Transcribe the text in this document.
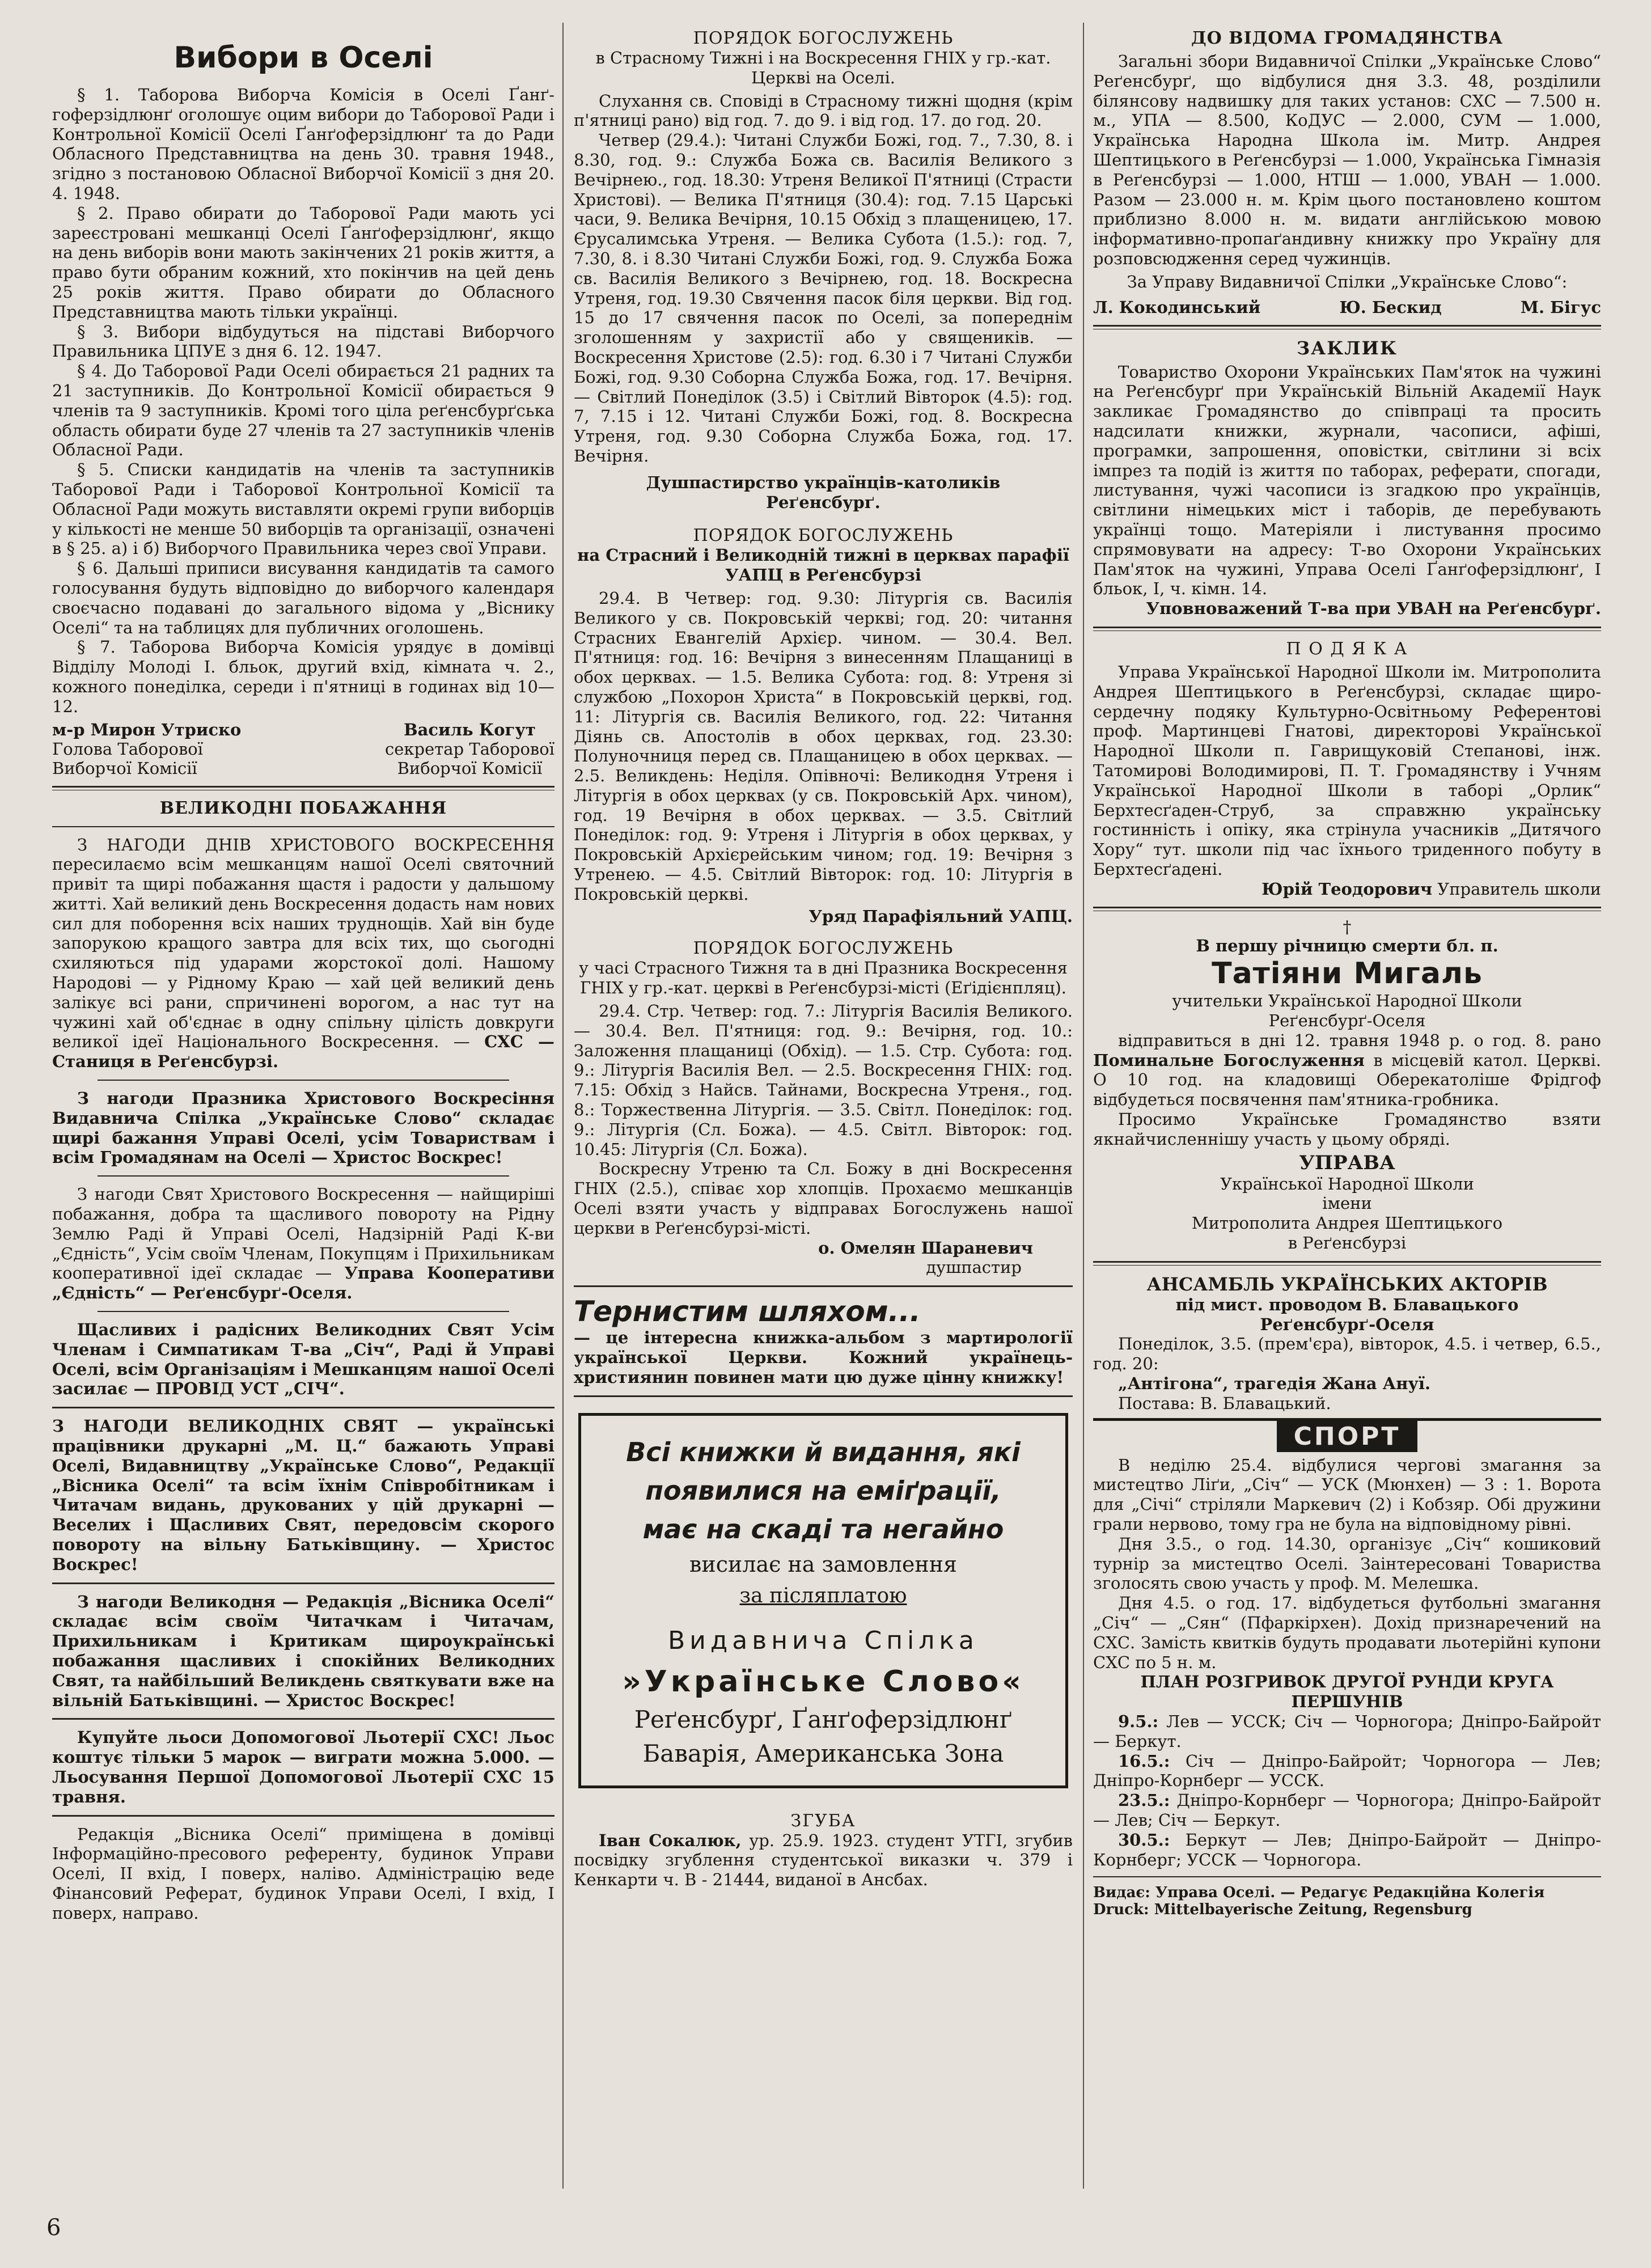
Вибори в Оселі
§ 1. Таборова Виборча Комісія в Оселі Ґанґ-гоферзідлюнґ оголошує оцим вибори до Таборової Ради і Контрольної Комісії Оселі Ґанґоферзідлюнґ та до Ради Обласного Представництва на день 30. травня 1948., згідно з постановою Обласної Виборчої Комісії з дня 20. 4. 1948.
§ 2. Право обирати до Таборової Ради мають усі зареєстровані мешканці Оселі Ґанґоферзідлюнґ, якщо на день виборів вони мають закінчених 21 років життя, а право бути обраним кожний, хто покінчив на цей день 25 років життя. Право обирати до Обласного Представництва мають тільки українці.
§ 3. Вибори відбудуться на підставі Виборчого Правильника ЦПУЕ з дня 6. 12. 1947.
§ 4. До Таборової Ради Оселі обирається 21 радних та 21 заступників. До Контрольної Комісії обирається 9 членів та 9 заступників. Кромі того ціла реґенсбурґська область обирати буде 27 членів та 27 заступників членів Обласної Ради.
§ 5. Списки кандидатів на членів та заступників Таборової Ради і Таборової Контрольної Комісії та Обласної Ради можуть виставляти окремі групи виборців у кількості не менше 50 виборців та організації, означені в § 25. а) і б) Виборчого Правильника через свої Управи.
§ 6. Дальші приписи висування кандидатів та самого голосування будуть відповідно до виборчого календаря своєчасно подавані до загального відома у „Віснику Оселі“ та на таблицях для публичних оголошень.
§ 7. Таборова Виборча Комісія урядує в домівці Відділу Молоді I. бльок, другий вхід, кімната ч. 2., кожного понеділка, середи і п'ятниці в годинах від 10—12.
м-р Мирон Утриско
Голова Таборової
Виборчої Комісії
Василь Когут
секретар Таборової
Виборчої Комісії
ВЕЛИКОДНІ ПОБАЖАННЯ
З НАГОДИ ДНІВ ХРИСТОВОГО ВОСКРЕСЕННЯ пересилаємо всім мешканцям нашої Оселі святочний привіт та щирі побажання щастя і радости у дальшому житті. Хай великий день Воскресення додасть нам нових сил для поборення всіх наших труднощів. Хай він буде запорукою кращого завтра для всіх тих, що сьогодні схиляються під ударами жорстокої долі. Нашому Народові — у Рідному Краю — хай цей великий день залікує всі рани, спричинені ворогом, а нас тут на чужині хай об'єднає в одну спільну цілість довкруги великої ідеї Національного Воскресення. — СХС — Станиця в Реґенсбурзі.
З нагоди Празника Христового Воскресіння Видавнича Спілка „Українське Слово“ складає щирі бажання Управі Оселі, усім Товариствам і всім Громадянам на Оселі — Христос Воскрес!
З нагоди Свят Христового Воскресення — найщиріші побажання, добра та щасливого повороту на Рідну Землю Раді й Управі Оселі, Надзірній Раді К-ви „Єдність“, Усім своїм Членам, Покупцям і Прихильникам кооперативної ідеї складає — Управа Кооперативи „Єдність“ — Реґенсбурґ-Оселя.
Щасливих і радісних Великодних Свят Усім Членам і Симпатикам Т-ва „Січ“, Раді й Управі Оселі, всім Організаціям і Мешканцям нашої Оселі засилає — ПРОВІД УСТ „СІЧ“.
З НАГОДИ ВЕЛИКОДНІХ СВЯТ — українські працівники друкарні „М. Ц.“ бажають Управі Оселі, Видавництву „Українське Слово“, Редакції „Вісника Оселі“ та всім їхнім Співробітникам і Читачам видань, друкованих у цій друкарні — Веселих і Щасливих Свят, передовсім скорого повороту на вільну Батьківщину. — Христос Воскрес!
З нагоди Великодня — Редакція „Вісника Оселі“ складає всім своїм Читачкам і Читачам, Прихильникам і Критикам щироукраїнські побажання щасливих і спокійних Великодних Свят, та найбільший Великдень святкувати вже на вільній Батьківщині. — Христос Воскрес!
Купуйте льоси Допомогової Льотерії СХС! Льос коштує тільки 5 марок — виграти можна 5.000. — Льосування Першої Допомогової Льотерії СХС 15 травня.
Редакція „Вісника Оселі“ приміщена в домівці Інформаційно-пресового референту, будинок Управи Оселі, II вхід, I поверх, наліво. Адміністрацію веде Фінансовий Реферат, будинок Управи Оселі, I вхід, I поверх, направо.
ПОРЯДОК БОГОСЛУЖЕНЬ
в Страсному Тижні і на Воскресення ГНІХ у гр.-кат. Церкві на Оселі.
Слухання св. Сповіді в Страсному тижні щодня (крім п'ятниці рано) від год. 7. до 9. і від год. 17. до год. 20.
Четвер (29.4.): Читані Служби Божі, год. 7., 7.30, 8. і 8.30, год. 9.: Служба Божа св. Василія Великого з Вечірнею., год. 18.30: Утреня Великої П'ятниці (Страсти Христові). — Велика П'ятниця (30.4): год. 7.15 Царські часи, 9. Велика Вечірня, 10.15 Обхід з плащеницею, 17. Єрусалимська Утреня. — Велика Субота (1.5.): год. 7, 7.30, 8. і 8.30 Читані Служби Божі, год. 9. Служба Божа св. Василія Великого з Вечірнею, год. 18. Воскресна Утреня, год. 19.30 Свячення пасок біля церкви. Від год. 15 до 17 свячення пасок по Оселі, за попереднім зголошенням у захристії або у священиків. — Воскресення Христове (2.5): год. 6.30 і 7 Читані Служби Божі, год. 9.30 Соборна Служба Божа, год. 17. Вечірня. — Світлий Понеділок (3.5) і Світлий Вівторок (4.5): год. 7, 7.15 і 12. Читані Служби Божі, год. 8. Воскресна Утреня, год. 9.30 Соборна Служба Божа, год. 17. Вечірня.
Душпастирство українців-католиків Реґенсбурґ.
ПОРЯДОК БОГОСЛУЖЕНЬ
на Страсний і Великодній тижні в церквах парафії УАПЦ в Реґенсбурзі
29.4. В Четвер: год. 9.30: Літургія св. Василія Великого у св. Покровській черкві; год. 20: читання Страсних Евангелій Архієр. чином. — 30.4. Вел. П'ятниця: год. 16: Вечірня з винесенням Плащаниці в обох церквах. — 1.5. Велика Субота: год. 8: Утреня зі службою „Похорон Христа“ в Покровській церкві, год. 11: Літургія св. Василія Великого, год. 22: Читання Діянь св. Апостолів в обох церквах, год. 23.30: Полуночниця перед св. Плащаницею в обох церквах. — 2.5. Великдень: Неділя. Опівночі: Великодня Утреня і Літургія в обох церквах (у св. Покровській Арх. чином), год. 19 Вечірня в обох церквах. — 3.5. Світлий Понеділок: год. 9: Утреня і Літургія в обох церквах, у Покровській Архієрейським чином; год. 19: Вечірня з Утренею. — 4.5. Світлий Вівторок: год. 10: Літургія в Покровській церкві.
Уряд Парафіяльний УАПЦ.
ПОРЯДОК БОГОСЛУЖЕНЬ
у часі Страсного Тижня та в дні Празника Воскресення ГНІХ у гр.-кат. церкві в Реґенсбурзі-місті (Еґідієнпляц).
29.4. Стр. Четвер: год. 7.: Літургія Василія Великого. — 30.4. Вел. П'ятниця: год. 9.: Вечірня, год. 10.: Заложення плащаниці (Обхід). — 1.5. Стр. Субота: год. 9.: Літургія Василія Вел. — 2.5. Воскресення ГНІХ: год. 7.15: Обхід з Найсв. Тайнами, Воскресна Утреня., год. 8.: Торжественна Літургія. — 3.5. Світл. Понеділок: год. 9.: Літургія (Сл. Божа). — 4.5. Світл. Вівторок: год. 10.45: Літургія (Сл. Божа).
Воскресну Утреню та Сл. Божу в дні Воскресення ГНІХ (2.5.), співає хор хлопців. Прохаємо мешканців Оселі взяти участь у відправах Богослужень нашої церкви в Реґенсбурзі-місті.
о. Омелян Шараневич
душпастир
Тернистим шляхом...
— це інтересна книжка-альбом з мартирології української Церкви. Кожний українець-християнин повинен мати цю дуже цінну книжку!
Всі книжки й видання, які
появилися на еміґрації,
має на скаді та негайно
висилає на замовлення
за післяплатою
Видавнича Спілка
»Українське Слово«
Реґенсбурґ, Ґанґоферзідлюнґ
Баварія, Американська Зона
ЗГУБА
Іван Сокалюк, ур. 25.9. 1923. студент УТГІ, згубив посвідку згублення студентської виказки ч. 379 і Кенкарти ч. В - 21444, виданої в Ансбах.
ДО ВІДОМА ГРОМАДЯНСТВА
Загальні збори Видавничої Спілки „Українське Слово“ Реґенсбурґ, що відбулися дня 3.3. 48, розділили білянсову надвишку для таких установ: СХС — 7.500 н. м., УПА — 8.500, КоДУС — 2.000, СУМ — 1.000, Українська Народна Школа ім. Митр. Андрея Шептицького в Реґенсбурзі — 1.000, Українська Гімназія в Реґенсбурзі — 1.000, НТШ — 1.000, УВАН — 1.000. Разом — 23.000 н. м. Крім цього постановлено коштом приблизно 8.000 н. м. видати англійською мовою інформативно-пропаґандивну книжку про Україну для розповсюдження серед чужинців.
За Управу Видавничої Спілки „Українське Слово“:
Л. Кокодинський	Ю. Бескид	М. Бігус
ЗАКЛИК
Товариство Охорони Українських Пам'яток на чужині на Реґенсбурґ при Українській Вільній Академії Наук закликає Громадянство до співпраці та просить надсилати книжки, журнали, часописи, афіші, програмки, запрошення, оповістки, світлини зі всіх імпрез та подій із життя по таборах, реферати, спогади, листування, чужі часописи із згадкою про українців, світлини німецьких міст і таборів, де перебувають українці тощо. Матеріяли і листування просимо спрямовувати на адресу: Т-во Охорони Українських Пам'яток на чужині, Управа Оселі Ґанґоферзідлюнґ, I бльок, I, ч. кімн. 14.
Уповноважений Т-ва при УВАН на Реґенсбурґ.
П О Д Я К А
Управа Української Народної Школи ім. Митрополита Андрея Шептицького в Реґенсбурзі, складає щиро-сердечну подяку Культурно-Освітньому Референтові проф. Мартинцеві Гнатові, директорові Української Народної Школи п. Гаврищуковій Степанові, інж. Татомирові Володимирові, П. Т. Громадянству і Учням Української Народної Школи в таборі „Орлик“ Берхтесґаден-Струб, за справжню українську гостинність і опіку, яка стрінула учасників „Дитячого Хору“ тут. школи під час їхнього триденного побуту в Берхтесґадені.
Юрій Теодорович Управитель школи
†
В першу річницю смерти бл. п.
Татіяни Мигаль
учительки Української Народної Школи Реґенсбурґ-Оселя
відправиться в дні 12. травня 1948 р. о год. 8. рано Поминальне Богослуження в місцевій катол. Церкві. О 10 год. на кладовищі Оберекатоліше Фрідгоф відбудеться посвячення пам'ятника-гробника.
Просимо Українське Громадянство взяти якнайчисленнішу участь у цьому обряді.
УПРАВА
Української Народної Школи
імени
Митрополита Андрея Шептицького
в Реґенсбурзі
АНСАМБЛЬ УКРАЇНСЬКИХ АКТОРІВ
під мист. проводом В. Блавацького
Реґенсбурґ-Оселя
Понеділок, 3.5. (прем'єра), вівторок, 4.5. і четвер, 6.5., год. 20:
„Антігона“, трагедія Жана Ануї.
Постава: В. Блавацький.
СПОРТ
В неділю 25.4. відбулися чергові змагання за мистецтво Ліґи, „Січ“ — УСК (Мюнхен) — 3 : 1. Ворота для „Січі“ стріляли Маркевич (2) і Кобзяр. Обі дружини грали нервово, тому гра не була на відповідному рівні.
Дня 3.5., о год. 14.30, організує „Січ“ кошиковий турнір за мистецтво Оселі. Заінтересовані Товариства зголосять свою участь у проф. М. Мелешка.
Дня 4.5. о год. 17. відбудеться футбольні змагання „Січ“ — „Сян“ (Пфаркірхен). Дохід признаречений на СХС. Замість квитків будуть продавати льотерійні купони СХС по 5 н. м.
ПЛАН РОЗГРИВОК ДРУГОЇ РУНДИ КРУГА ПЕРШУНІВ
9.5.: Лев — УССК; Січ — Чорногора; Дніпро-Байройт — Беркут.
16.5.: Січ — Дніпро-Байройт; Чорногора — Лев; Дніпро-Корнберг — УССК.
23.5.: Дніпро-Корнберг — Чорногора; Дніпро-Байройт — Лев; Січ — Беркут.
30.5.: Беркут — Лев; Дніпро-Байройт — Дніпро-Корнберг; УССК — Чорногора.
Видає: Управа Оселі. — Редагує Редакційна Колегія
Druck: Mittelbayerische Zeitung, Regensburg
6
